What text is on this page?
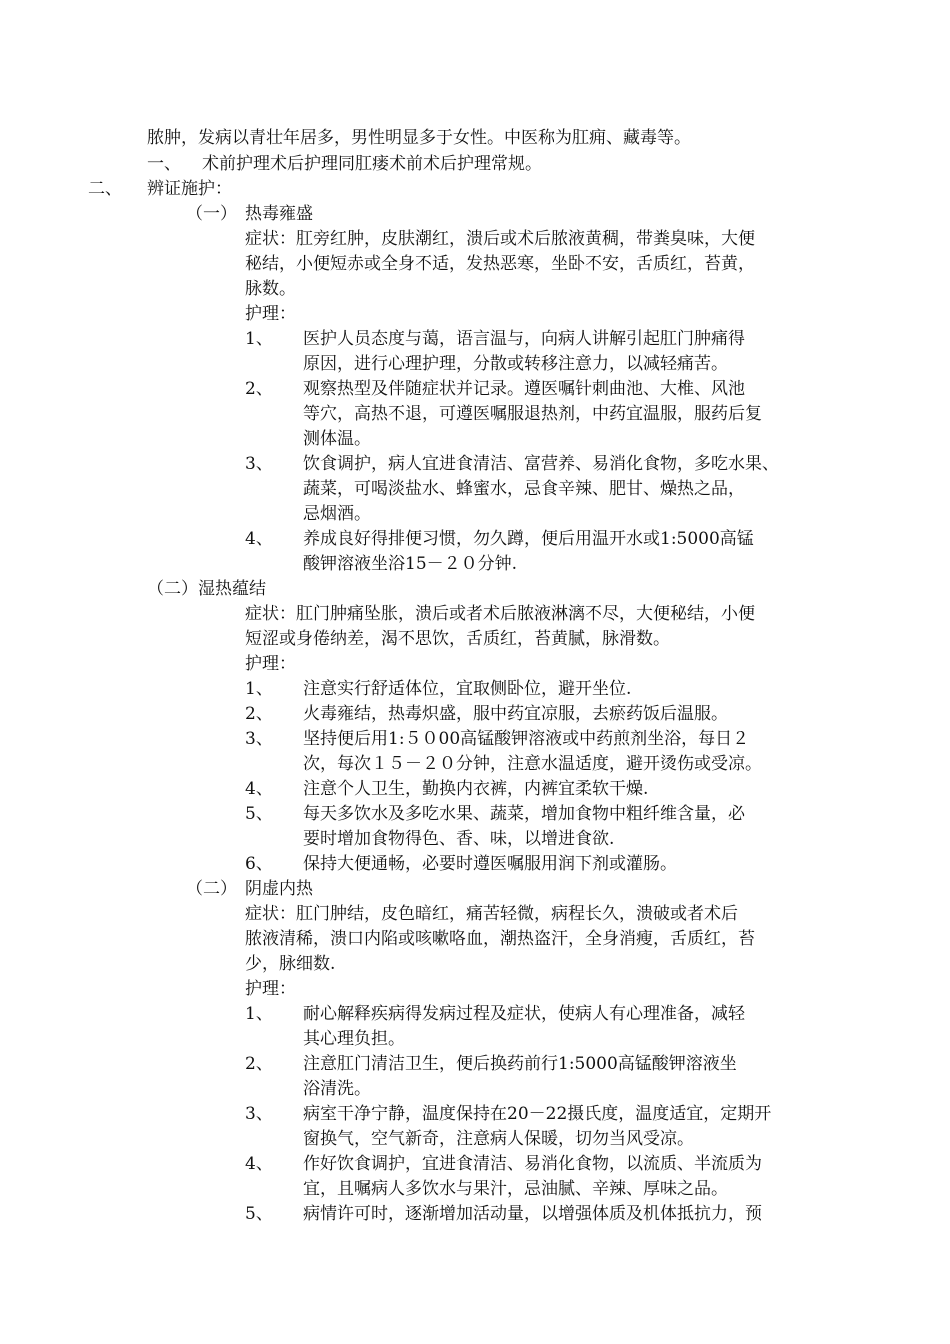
脓肿，发病以青壮年居多，男性明显多于女性。中医称为肛痈、藏毒等。
一、 术前护理术后护理同肛瘘术前术后护理常规。
二、 辨证施护：
（一） 热毒雍盛
症状：肛旁红肿，皮肤潮红，溃后或术后脓液黄稠，带粪臭味，大便
秘结，小便短赤或全身不适，发热恶寒，坐卧不安，舌质红，苔黄，
脉数。
护理：
1、 医护人员态度与蔼，语言温与，向病人讲解引起肛门肿痛得
原因，进行心理护理，分散或转移注意力，以减轻痛苦。
2、 观察热型及伴随症状并记录。遵医嘱针刺曲池、大椎、风池
等穴，高热不退，可遵医嘱服退热剂，中药宜温服，服药后复
测体温。
3、 饮食调护，病人宜进食清洁、富营养、易消化食物，多吃水果、
蔬菜，可喝淡盐水、蜂蜜水，忌食辛辣、肥甘、燥热之品，
忌烟酒。
4、 养成良好得排便习惯，勿久蹲，便后用温开水或1:5000高锰
酸钾溶液坐浴15－２０分钟.
（二）湿热蕴结
症状：肛门肿痛坠胀，溃后或者术后脓液淋漓不尽，大便秘结，小便
短涩或身倦纳差，渴不思饮，舌质红，苔黄腻，脉滑数。
护理：
1、 注意实行舒适体位，宜取侧卧位，避开坐位.
2、 火毒雍结，热毒炽盛，服中药宜凉服，去瘀药饭后温服。
3、 坚持便后用1:５０00高锰酸钾溶液或中药煎剂坐浴，每日２
次，每次１５－２０分钟，注意水温适度，避开烫伤或受凉。
4、 注意个人卫生，勤换内衣裤，内裤宜柔软干燥.
5、 每天多饮水及多吃水果、蔬菜，增加食物中粗纤维含量，必
要时增加食物得色、香、味，以增进食欲.
6、 保持大便通畅，必要时遵医嘱服用润下剂或灌肠。
（二） 阴虚内热
症状：肛门肿结，皮色暗红，痛苦轻微，病程长久，溃破或者术后
脓液清稀，溃口内陷或咳嗽咯血，潮热盗汗，全身消瘦，舌质红，苔
少，脉细数.
护理：
1、 耐心解释疾病得发病过程及症状，使病人有心理准备，减轻
其心理负担。
2、 注意肛门清洁卫生，便后换药前行1:5000高锰酸钾溶液坐
浴清洗。
3、 病室干净宁静，温度保持在20－22摄氏度，温度适宜，定期开
窗换气，空气新奇，注意病人保暖，切勿当风受凉。
4、 作好饮食调护，宜进食清洁、易消化食物，以流质、半流质为
宜，且嘱病人多饮水与果汁，忌油腻、辛辣、厚味之品。
5、 病情许可时，逐渐增加活动量，以增强体质及机体抵抗力，预
